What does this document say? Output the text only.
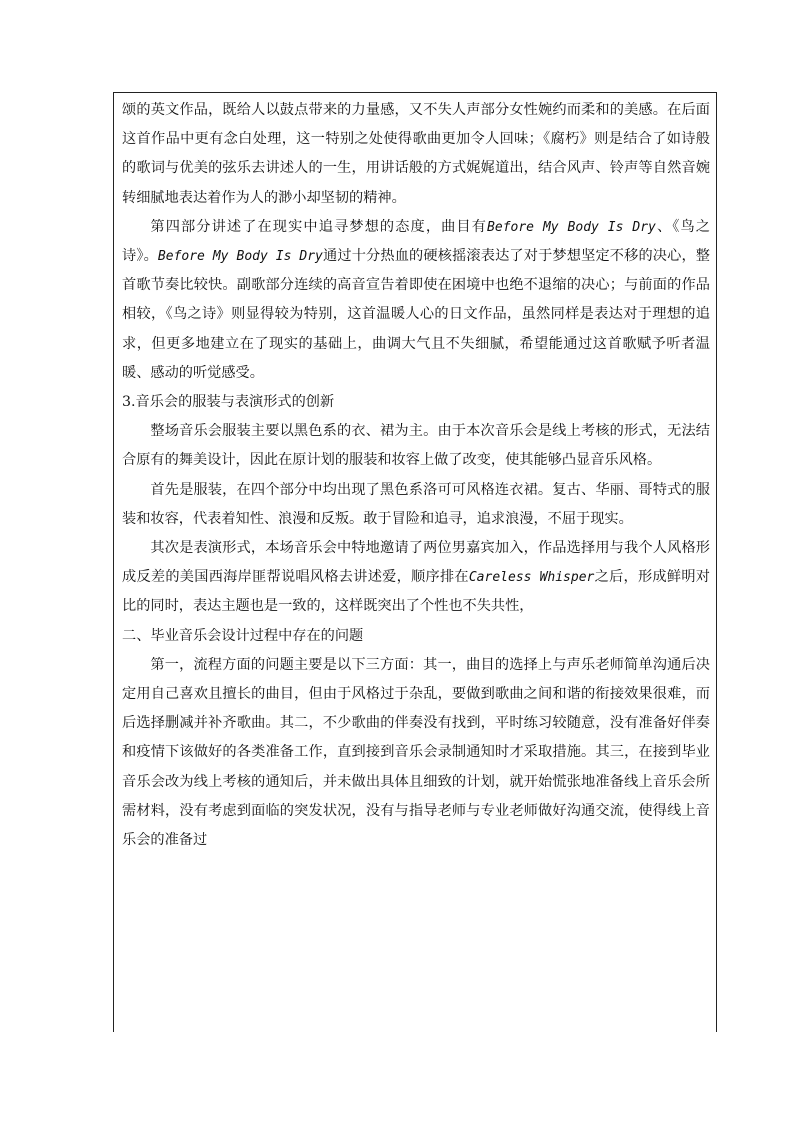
颂的英文作品，既给人以鼓点带来的力量感，又不失人声部分女性婉约而柔和的美感。在后面这首作品中更有念白处理，这一特别之处使得歌曲更加令人回味；《腐朽》则是结合了如诗般的歌词与优美的弦乐去讲述人的一生，用讲话般的方式娓娓道出，结合风声、铃声等自然音婉转细腻地表达着作为人的渺小却坚韧的精神。

第四部分讲述了在现实中追寻梦想的态度，曲目有Before My Body Is Dry、《鸟之诗》。Before My Body Is Dry通过十分热血的硬核摇滚表达了对于梦想坚定不移的决心，整首歌节奏比较快。副歌部分连续的高音宣告着即使在困境中也绝不退缩的决心；与前面的作品相较，《鸟之诗》则显得较为特别，这首温暖人心的日文作品，虽然同样是表达对于理想的追求，但更多地建立在了现实的基础上，曲调大气且不失细腻，希望能通过这首歌赋予听者温暖、感动的听觉感受。

3.音乐会的服装与表演形式的创新

整场音乐会服装主要以黑色系的衣、裙为主。由于本次音乐会是线上考核的形式，无法结合原有的舞美设计，因此在原计划的服装和妆容上做了改变，使其能够凸显音乐风格。

首先是服装，在四个部分中均出现了黑色系洛可可风格连衣裙。复古、华丽、哥特式的服装和妆容，代表着知性、浪漫和反叛。敢于冒险和追寻，追求浪漫，不屈于现实。

其次是表演形式，本场音乐会中特地邀请了两位男嘉宾加入，作品选择用与我个人风格形成反差的美国西海岸匪帮说唱风格去讲述爱，顺序排在Careless Whisper之后，形成鲜明对比的同时，表达主题也是一致的，这样既突出了个性也不失共性，

二、毕业音乐会设计过程中存在的问题

第一，流程方面的问题主要是以下三方面：其一，曲目的选择上与声乐老师简单沟通后决定用自己喜欢且擅长的曲目，但由于风格过于杂乱，要做到歌曲之间和谐的衔接效果很难，而后选择删减并补齐歌曲。其二，不少歌曲的伴奏没有找到，平时练习较随意，没有准备好伴奏和疫情下该做好的各类准备工作，直到接到音乐会录制通知时才采取措施。其三，在接到毕业音乐会改为线上考核的通知后，并未做出具体且细致的计划，就开始慌张地准备线上音乐会所需材料，没有考虑到面临的突发状况，没有与指导老师与专业老师做好沟通交流，使得线上音乐会的准备过
